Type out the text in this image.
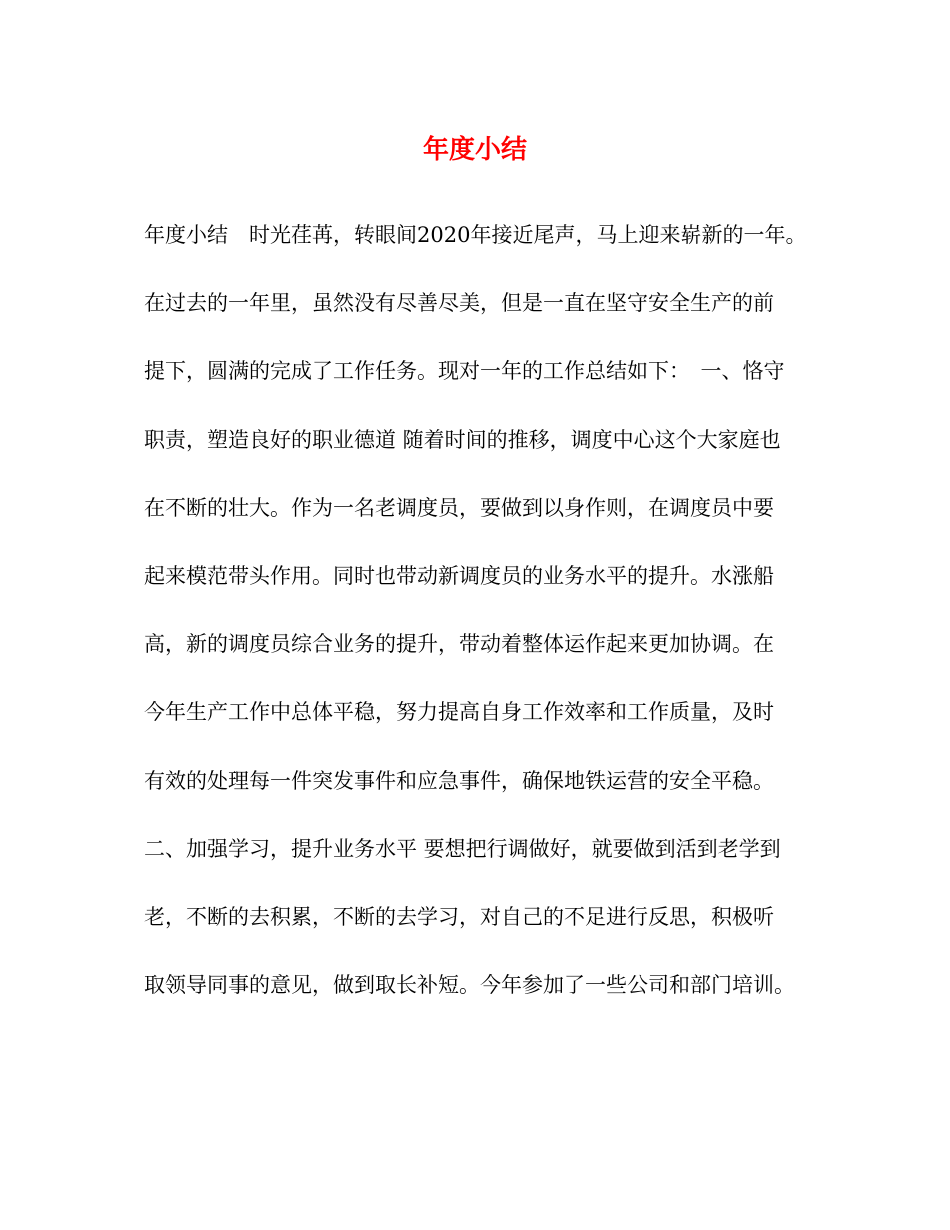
年度小结
年度小结　时光荏苒，转眼间2020年接近尾声，马上迎来崭新的一年。
在过去的一年里，虽然没有尽善尽美，但是一直在坚守安全生产的前
提下，圆满的完成了工作任务。现对一年的工作总结如下：　一、恪守
职责，塑造良好的职业德道 随着时间的推移，调度中心这个大家庭也
在不断的壮大。作为一名老调度员，要做到以身作则，在调度员中要
起来模范带头作用。同时也带动新调度员的业务水平的提升。水涨船
高，新的调度员综合业务的提升，带动着整体运作起来更加协调。在
今年生产工作中总体平稳，努力提高自身工作效率和工作质量，及时
有效的处理每一件突发事件和应急事件，确保地铁运营的安全平稳。
二、加强学习，提升业务水平 要想把行调做好，就要做到活到老学到
老，不断的去积累，不断的去学习，对自己的不足进行反思，积极听
取领导同事的意见，做到取长补短。今年参加了一些公司和部门培训。
